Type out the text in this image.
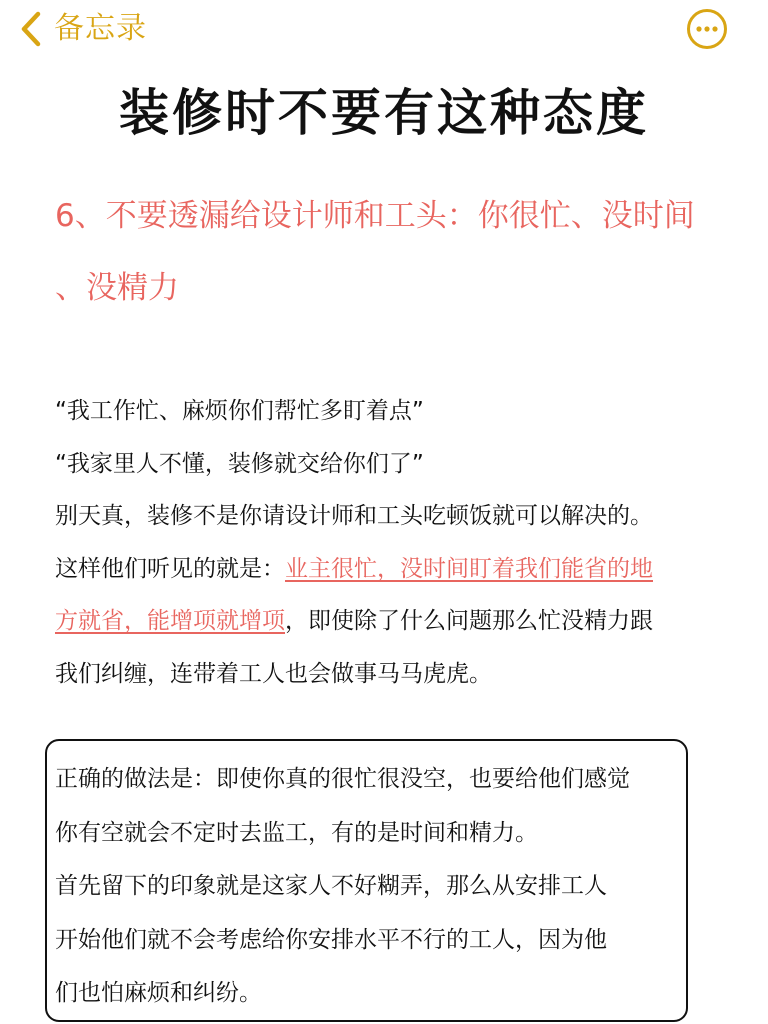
备忘录
装修时不要有这种态度
6、不要透漏给设计师和工头：你很忙、没时间
、没精力
“我工作忙、麻烦你们帮忙多盯着点”
“我家里人不懂，装修就交给你们了”
别天真，装修不是你请设计师和工头吃顿饭就可以解决的。
这样他们听见的就是：业主很忙，没时间盯着我们能省的地
方就省，能增项就增项，即使除了什么问题那么忙没精力跟
我们纠缠，连带着工人也会做事马马虎虎。
正确的做法是：即使你真的很忙很没空，也要给他们感觉
你有空就会不定时去监工，有的是时间和精力。
首先留下的印象就是这家人不好糊弄，那么从安排工人
开始他们就不会考虑给你安排水平不行的工人，因为他
们也怕麻烦和纠纷。
